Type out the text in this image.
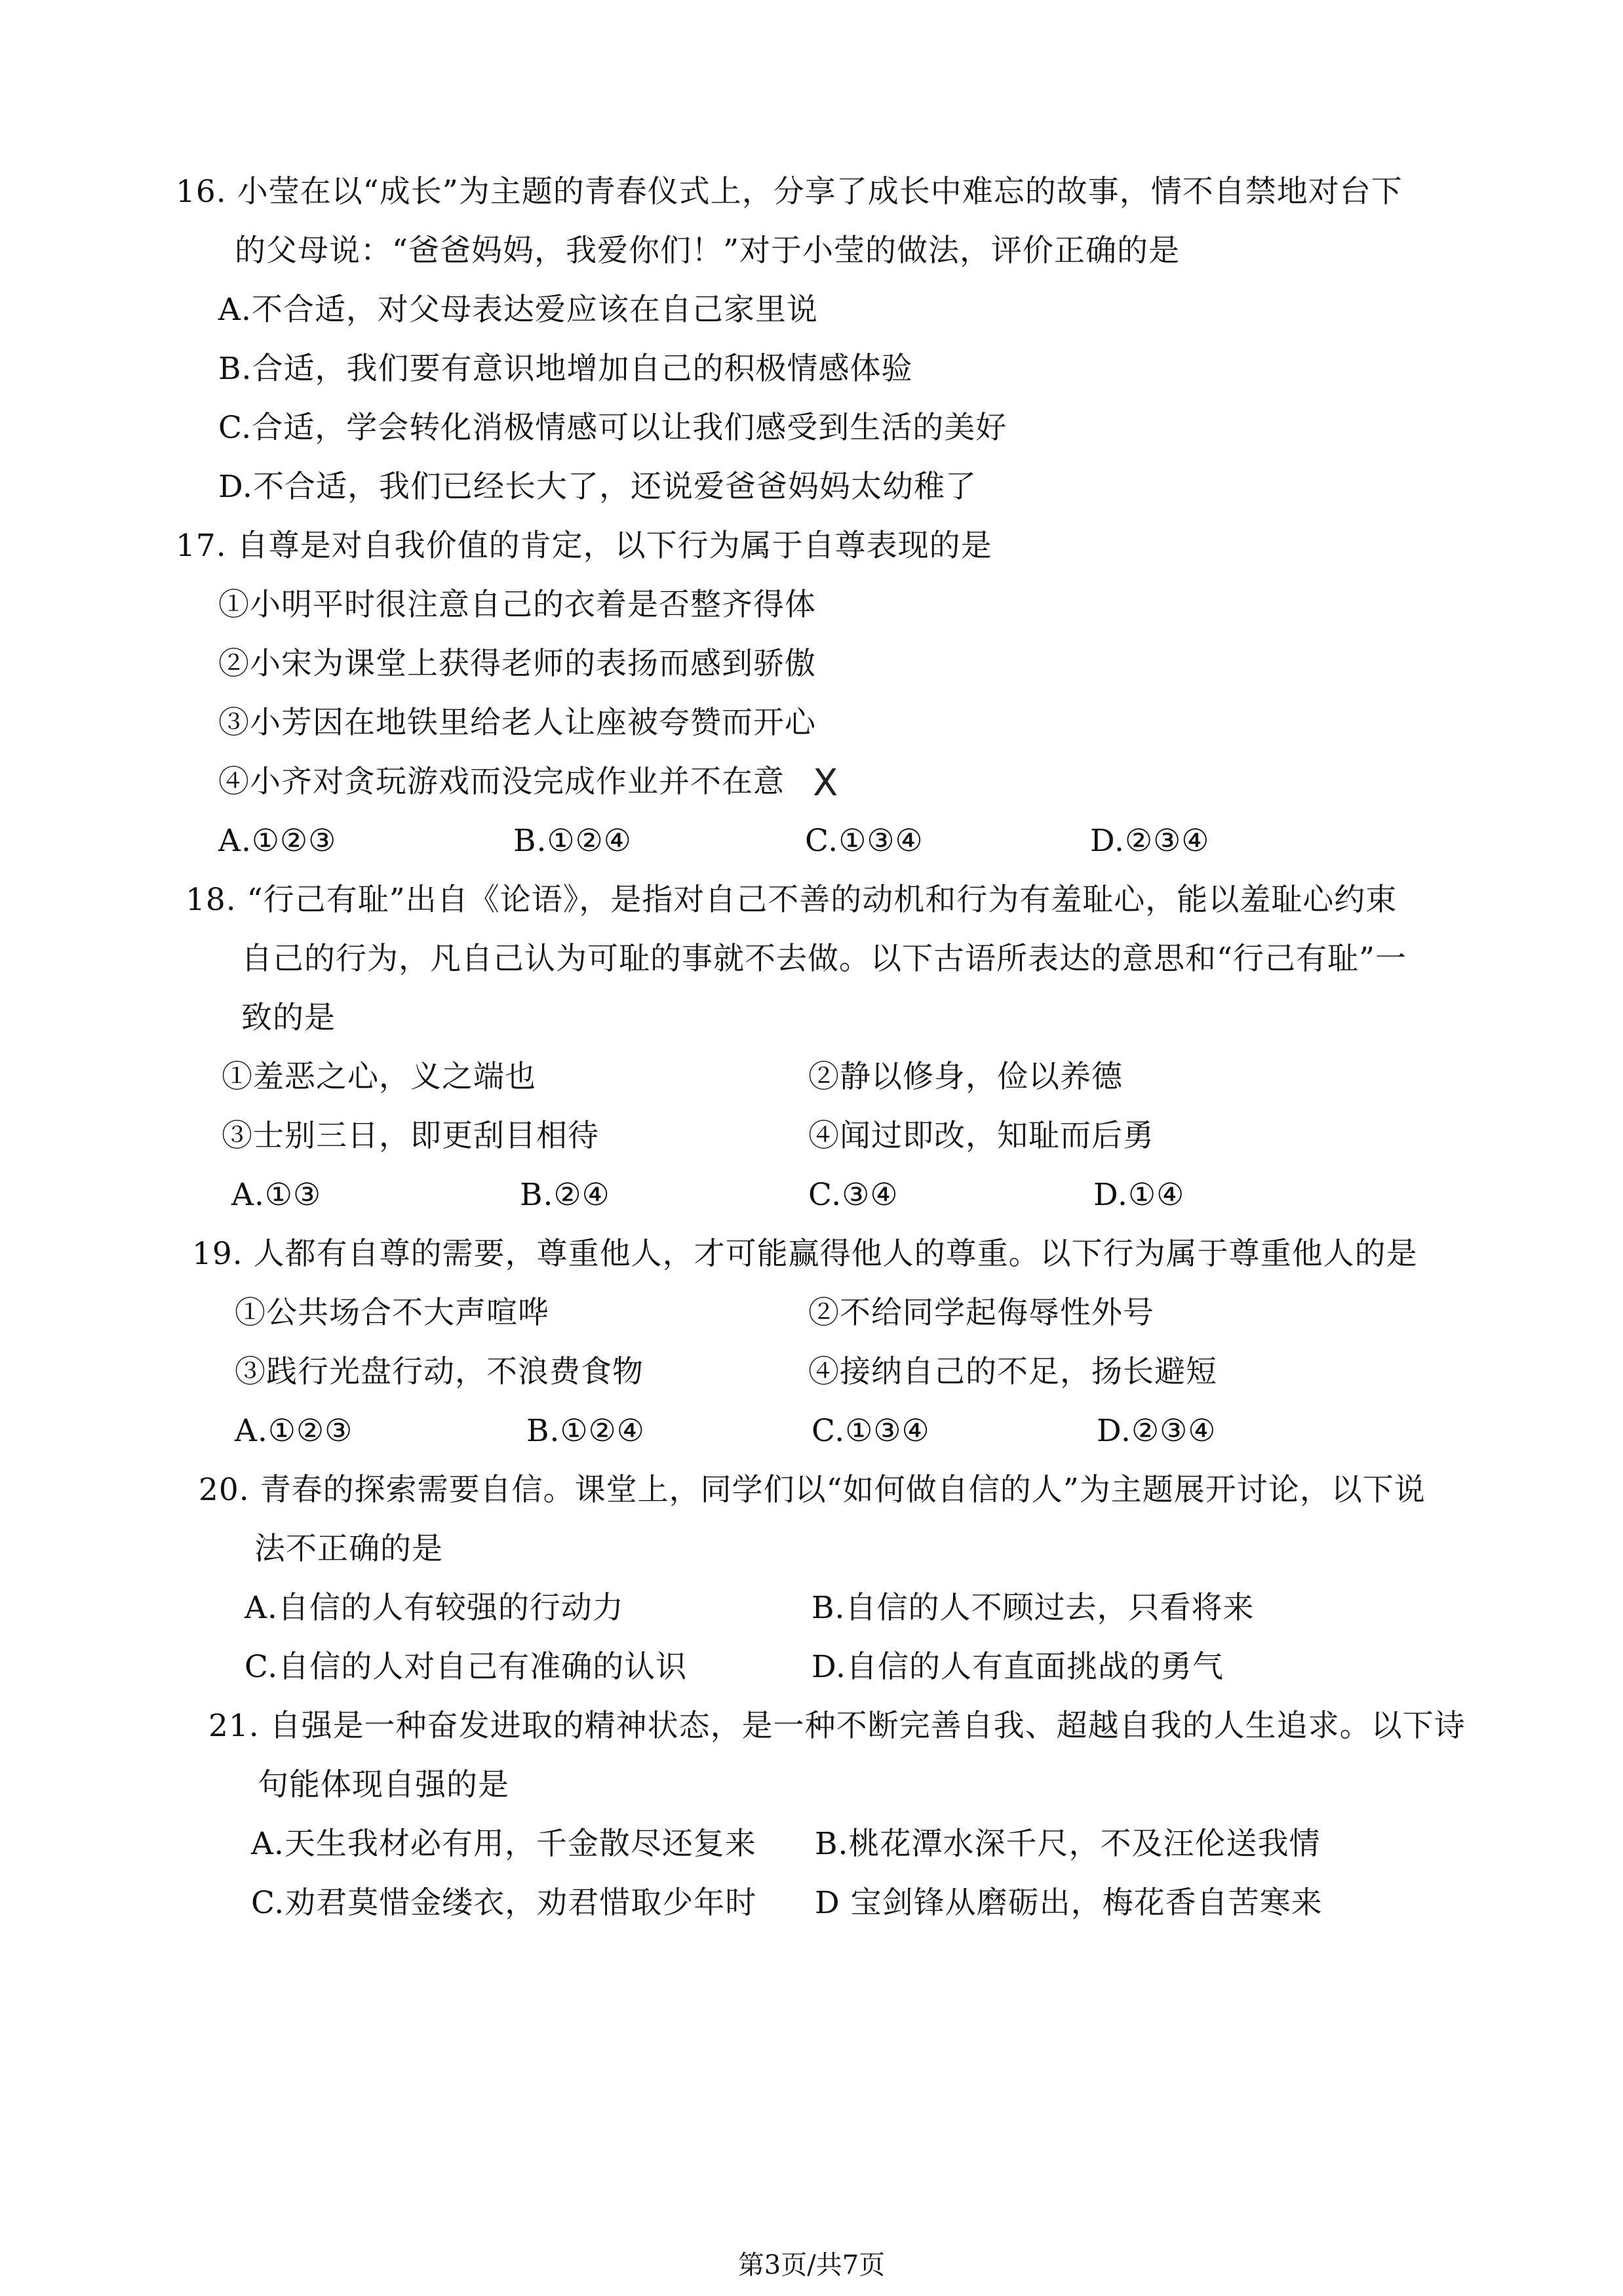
16. 小莹在以“成长”为主题的青春仪式上，分享了成长中难忘的故事，情不自禁地对台下
的父母说：“爸爸妈妈，我爱你们！”对于小莹的做法，评价正确的是
A.不合适，对父母表达爱应该在自己家里说
B.合适，我们要有意识地增加自己的积极情感体验
C.合适，学会转化消极情感可以让我们感受到生活的美好
D.不合适，我们已经长大了，还说爱爸爸妈妈太幼稚了
17. 自尊是对自我价值的肯定，以下行为属于自尊表现的是
①小明平时很注意自己的衣着是否整齐得体
②小宋为课堂上获得老师的表扬而感到骄傲
③小芳因在地铁里给老人让座被夸赞而开心
④小齐对贪玩游戏而没完成作业并不在意 X
A.①②③	B.①②④	C.①③④	D.②③④
18. “行己有耻”出自《论语》，是指对自己不善的动机和行为有羞耻心，能以羞耻心约束
自己的行为，凡自己认为可耻的事就不去做。以下古语所表达的意思和“行己有耻”一
致的是
①羞恶之心，义之端也	②静以修身，俭以养德
③士别三日，即更刮目相待	④闻过即改，知耻而后勇
A.①③	B.②④	C.③④	D.①④
19. 人都有自尊的需要，尊重他人，才可能赢得他人的尊重。以下行为属于尊重他人的是
①公共场合不大声喧哗	②不给同学起侮辱性外号
③践行光盘行动，不浪费食物	④接纳自己的不足，扬长避短
A.①②③	B.①②④	C.①③④	D.②③④
20. 青春的探索需要自信。课堂上，同学们以“如何做自信的人”为主题展开讨论，以下说
法不正确的是
A.自信的人有较强的行动力	B.自信的人不顾过去，只看将来
C.自信的人对自己有准确的认识	D.自信的人有直面挑战的勇气
21. 自强是一种奋发进取的精神状态，是一种不断完善自我、超越自我的人生追求。以下诗
句能体现自强的是
A.天生我材必有用，千金散尽还复来 B.桃花潭水深千尺，不及汪伦送我情
C.劝君莫惜金缕衣，劝君惜取少年时 D 宝剑锋从磨砺出，梅花香自苦寒来
第3页/共7页
